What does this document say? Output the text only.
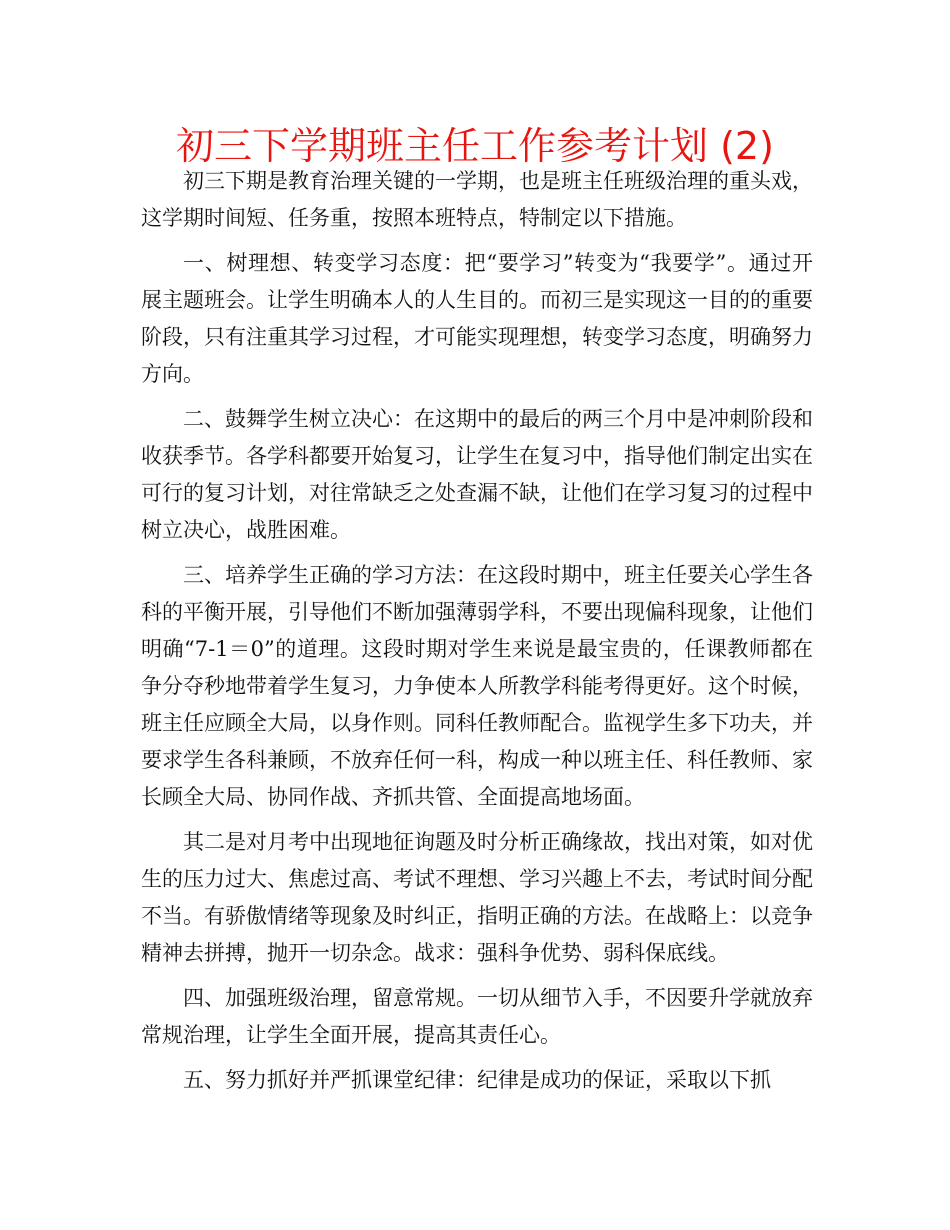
初三下学期班主任工作参考计划 (2)

初三下期是教育治理关键的一学期，也是班主任班级治理的重头戏，这学期时间短、任务重，按照本班特点，特制定以下措施。

一、树理想、转变学习态度：把“要学习”转变为“我要学”。通过开展主题班会。让学生明确本人的人生目的。而初三是实现这一目的的重要阶段，只有注重其学习过程，才可能实现理想，转变学习态度，明确努力方向。

二、鼓舞学生树立决心：在这期中的最后的两三个月中是冲刺阶段和收获季节。各学科都要开始复习，让学生在复习中，指导他们制定出实在可行的复习计划，对往常缺乏之处查漏不缺，让他们在学习复习的过程中树立决心，战胜困难。

三、培养学生正确的学习方法：在这段时期中，班主任要关心学生各科的平衡开展，引导他们不断加强薄弱学科，不要出现偏科现象，让他们明确“7-1＝0”的道理。这段时期对学生来说是最宝贵的，任课教师都在争分夺秒地带着学生复习，力争使本人所教学科能考得更好。这个时候，班主任应顾全大局，以身作则。同科任教师配合。监视学生多下功夫，并要求学生各科兼顾，不放弃任何一科，构成一种以班主任、科任教师、家长顾全大局、协同作战、齐抓共管、全面提高地场面。

其二是对月考中出现地征询题及时分析正确缘故，找出对策，如对优生的压力过大、焦虑过高、考试不理想、学习兴趣上不去，考试时间分配不当。有骄傲情绪等现象及时纠正，指明正确的方法。在战略上：以竞争精神去拼搏，抛开一切杂念。战求：强科争优势、弱科保底线。

四、加强班级治理，留意常规。一切从细节入手，不因要升学就放弃常规治理，让学生全面开展，提高其责任心。

五、努力抓好并严抓课堂纪律：纪律是成功的保证，采取以下抓
